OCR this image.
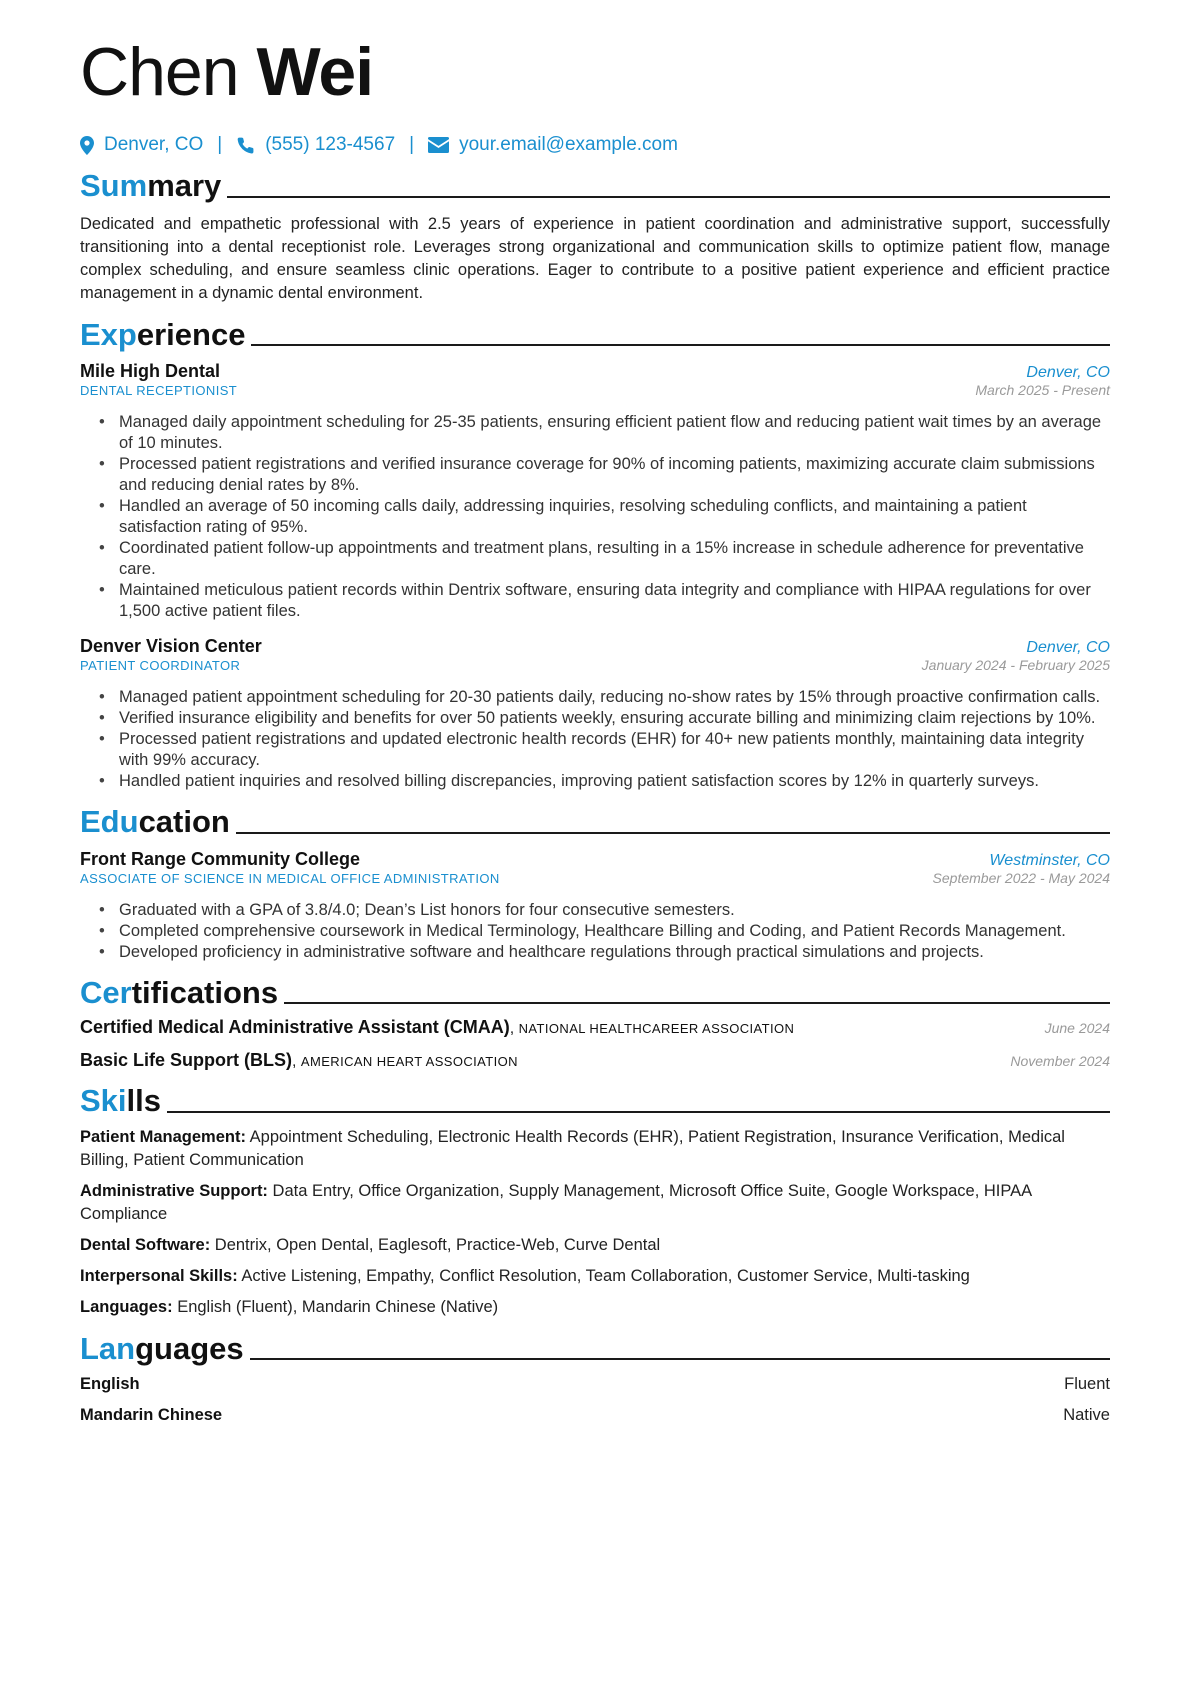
Chen Wei
Denver, CO | (555) 123-4567 | your.email@example.com
Summary

Dedicated and empathetic professional with 2.5 years of experience in patient coordination and administrative support, successfully transitioning into a dental receptionist role. Leverages strong organizational and communication skills to optimize patient flow, manage complex scheduling, and ensure seamless clinic operations. Eager to contribute to a positive patient experience and efficient practice management in a dynamic dental environment.

Experience
Mile High Dental	Denver, CO
DENTAL RECEPTIONIST	March 2025 - Present
• Managed daily appointment scheduling for 25-35 patients, ensuring efficient patient flow and reducing patient wait times by an average of 10 minutes.
• Processed patient registrations and verified insurance coverage for 90% of incoming patients, maximizing accurate claim submissions and reducing denial rates by 8%.
• Handled an average of 50 incoming calls daily, addressing inquiries, resolving scheduling conflicts, and maintaining a patient satisfaction rating of 95%.
• Coordinated patient follow-up appointments and treatment plans, resulting in a 15% increase in schedule adherence for preventative care.
• Maintained meticulous patient records within Dentrix software, ensuring data integrity and compliance with HIPAA regulations for over 1,500 active patient files.
Denver Vision Center	Denver, CO
PATIENT COORDINATOR	January 2024 - February 2025
• Managed patient appointment scheduling for 20-30 patients daily, reducing no-show rates by 15% through proactive confirmation calls.
• Verified insurance eligibility and benefits for over 50 patients weekly, ensuring accurate billing and minimizing claim rejections by 10%.
• Processed patient registrations and updated electronic health records (EHR) for 40+ new patients monthly, maintaining data integrity with 99% accuracy.
• Handled patient inquiries and resolved billing discrepancies, improving patient satisfaction scores by 12% in quarterly surveys.
Education
Front Range Community College	Westminster, CO
ASSOCIATE OF SCIENCE IN MEDICAL OFFICE ADMINISTRATION	September 2022 - May 2024
• Graduated with a GPA of 3.8/4.0; Dean’s List honors for four consecutive semesters.
• Completed comprehensive coursework in Medical Terminology, Healthcare Billing and Coding, and Patient Records Management.
• Developed proficiency in administrative software and healthcare regulations through practical simulations and projects.
Certifications
Certified Medical Administrative Assistant (CMAA), NATIONAL HEALTHCAREER ASSOCIATION	June 2024
Basic Life Support (BLS), AMERICAN HEART ASSOCIATION	November 2024
Skills
Patient Management: Appointment Scheduling, Electronic Health Records (EHR), Patient Registration, Insurance Verification, Medical Billing, Patient Communication
Administrative Support: Data Entry, Office Organization, Supply Management, Microsoft Office Suite, Google Workspace, HIPAA Compliance
Dental Software: Dentrix, Open Dental, Eaglesoft, Practice-Web, Curve Dental
Interpersonal Skills: Active Listening, Empathy, Conflict Resolution, Team Collaboration, Customer Service, Multi-tasking
Languages: English (Fluent), Mandarin Chinese (Native)
Languages
English	Fluent
Mandarin Chinese	Native
